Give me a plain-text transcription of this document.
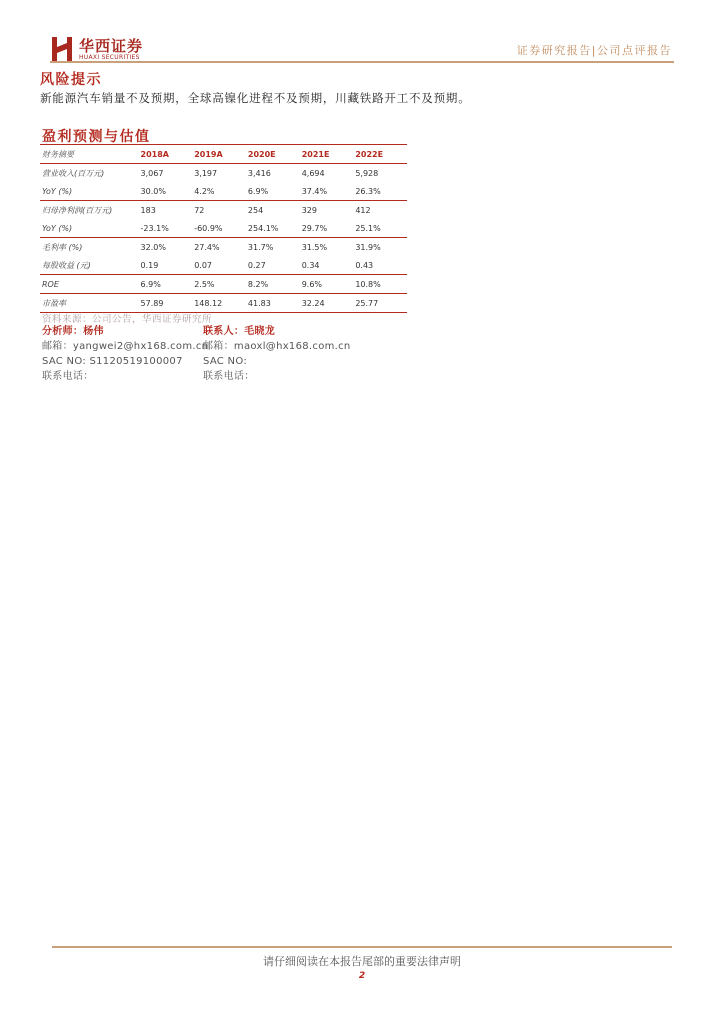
华西证券
HUAXI SECURITIES
证券研究报告|公司点评报告
风险提示
新能源汽车销量不及预期，全球高镍化进程不及预期，川藏铁路开工不及预期。
盈利预测与估值
财务摘要	2018A	2019A	2020E	2021E	2022E
营业收入(百万元)	3,067	3,197	3,416	4,694	5,928
YoY (%)	30.0%	4.2%	6.9%	37.4%	26.3%
归母净利润(百万元)	183	72	254	329	412
YoY (%)	-23.1%	-60.9%	254.1%	29.7%	25.1%
毛利率 (%)	32.0%	27.4%	31.7%	31.5%	31.9%
每股收益 (元)	0.19	0.07	0.27	0.34	0.43
ROE	6.9%	2.5%	8.2%	9.6%	10.8%
市盈率	57.89	148.12	41.83	32.24	25.77
资料来源：公司公告，华西证券研究所
分析师：杨伟
邮箱：yangwei2@hx168.com.cn
SAC NO: S1120519100007
联系电话：
联系人：毛晓龙
邮箱：maoxl@hx168.com.cn
SAC NO:
联系电话：
请仔细阅读在本报告尾部的重要法律声明
2
